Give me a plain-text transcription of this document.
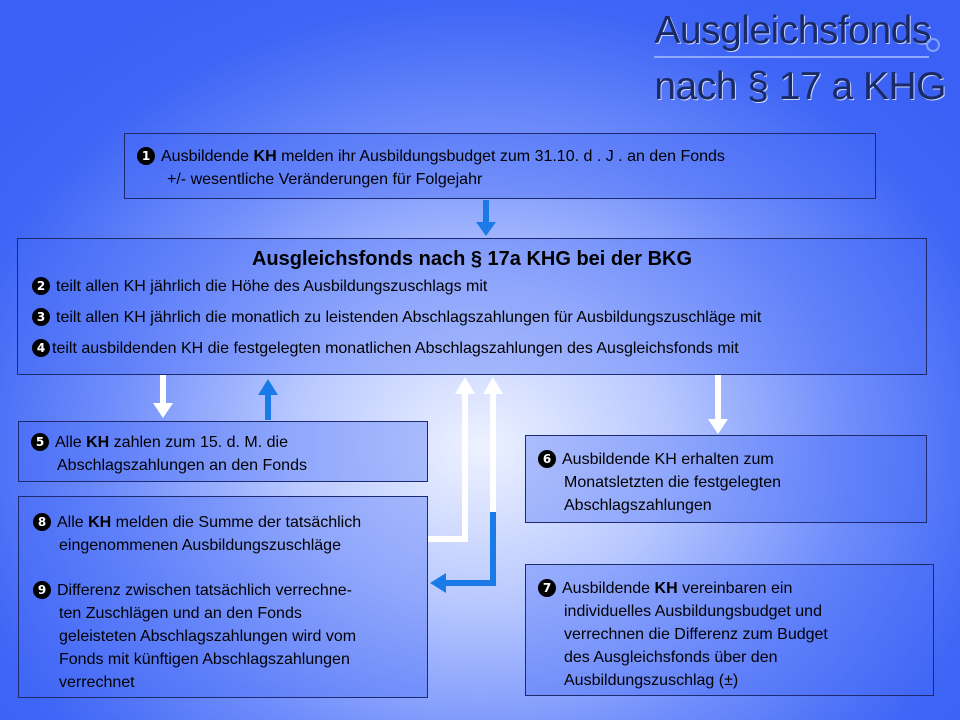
Ausgleichsfonds
nach § 17 a KHG
1 Ausbildende KH melden ihr Ausbildungsbudget zum 31.10. d . J . an den Fonds
+/- wesentliche Veränderungen für Folgejahr
Ausgleichsfonds nach § 17a KHG bei der BKG
2 teilt allen KH jährlich die Höhe des Ausbildungszuschlags mit
3 teilt allen KH jährlich die monatlich zu leistenden Abschlagszahlungen für Ausbildungszuschläge mit
4 teilt ausbildenden KH die festgelegten monatlichen Abschlagszahlungen des Ausgleichsfonds mit
5 Alle KH zahlen zum 15. d. M. die
Abschlagszahlungen an den Fonds
8 Alle KH melden die Summe der tatsächlich
eingenommenen Ausbildungszuschläge
9 Differenz zwischen tatsächlich verrechne-
ten Zuschlägen und an den Fonds
geleisteten Abschlagszahlungen wird vom
Fonds mit künftigen Abschlagszahlungen
verrechnet
6 Ausbildende KH erhalten zum
Monatsletzten die festgelegten
Abschlagszahlungen
7 Ausbildende KH vereinbaren ein
individuelles Ausbildungsbudget und
verrechnen die Differenz zum Budget
des Ausgleichsfonds über den
Ausbildungszuschlag (±)
